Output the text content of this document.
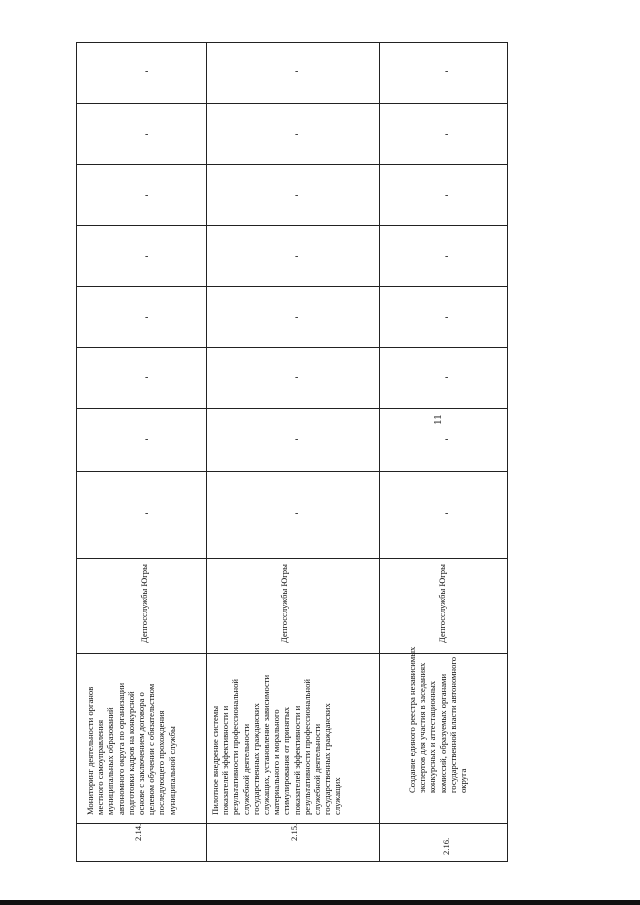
11
2.14.
Мониторинг деятельности органов местного самоуправления муниципальных образований автономного округа по организации подготовки кадров на конкурсной основе с заключением договора о целевом обучении с обязательством последующего прохождения муниципальной службы
Депгосслужбы Югры
-
-
-
-
-
-
-
-
2.15.
Пилотное внедрение системы показателей эффективности и результативности профессиональной служебной деятельности государственных гражданских служащих, установление зависимости материального и морального стимулирования от принятых показателей эффективности и результативности профессиональной служебной деятельности государственных гражданских служащих
Депгосслужбы Югры
-
-
-
-
-
-
-
-
2.16.
Создание единого реестра независимых экспертов для участия в заседаниях конкурсных и аттестационных комиссий, образуемых органами государственной власти автономного округа
Депгосслужбы Югры
-
-
-
-
-
-
-
-
